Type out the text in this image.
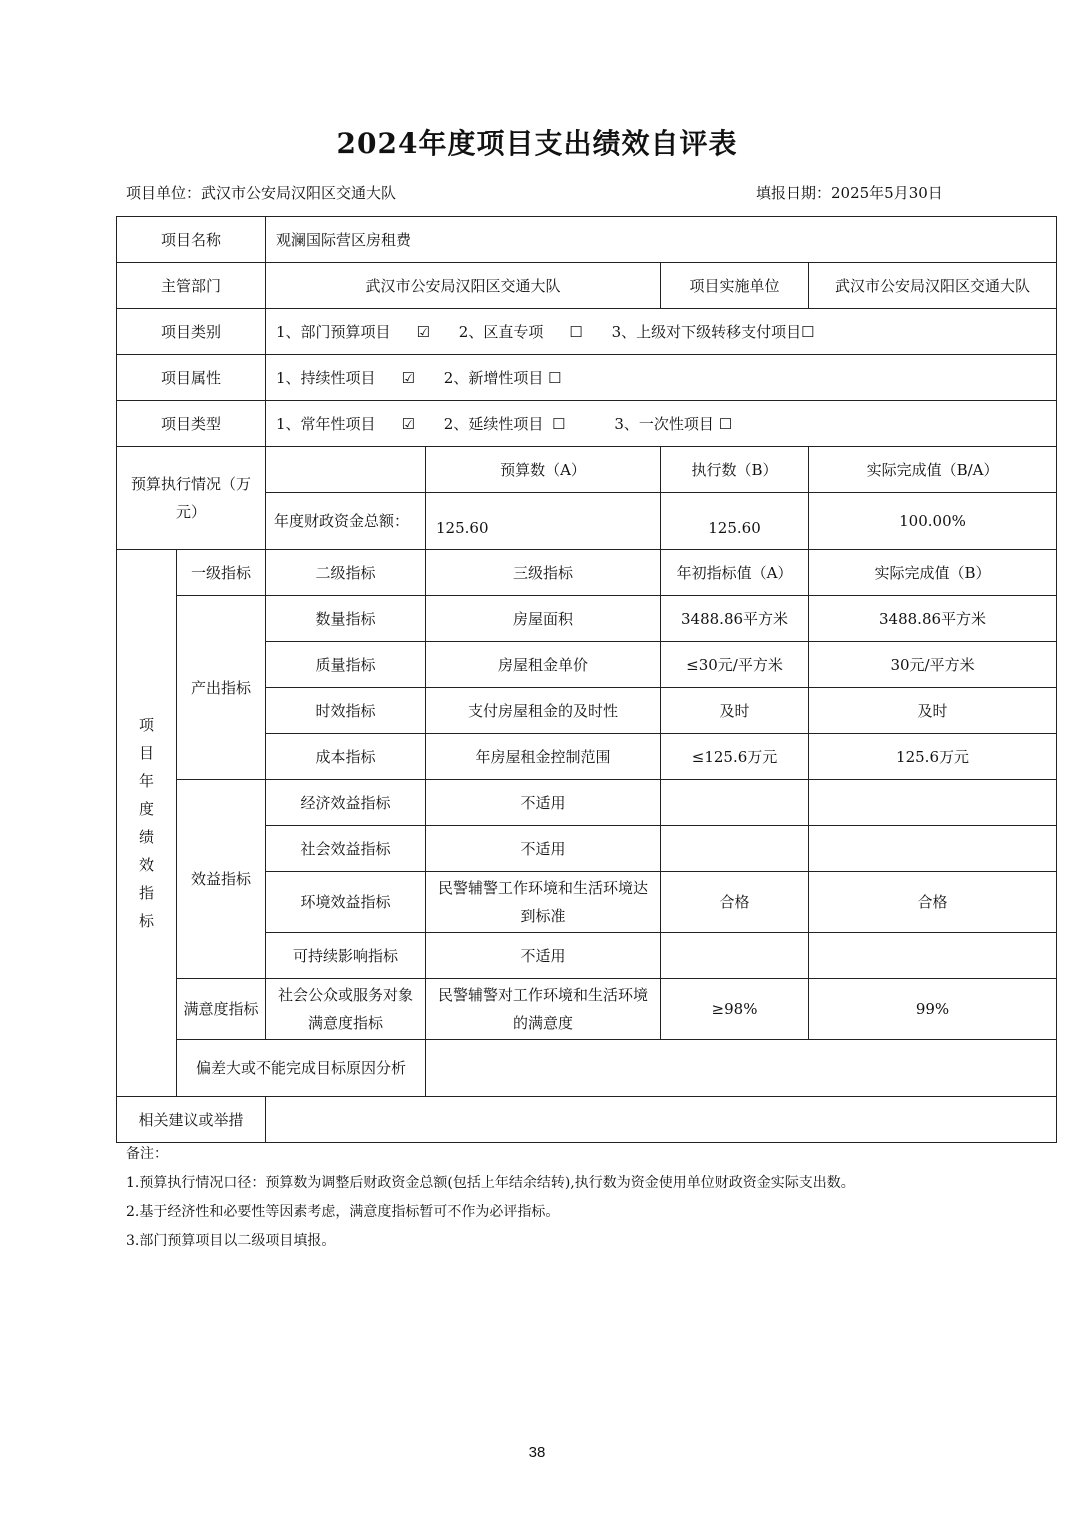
2024年度项目支出绩效自评表
项目单位：武汉市公安局汉阳区交通大队	填报日期：2025年5月30日
项目名称		观澜国际营区房租费			
主管部门		武汉市公安局汉阳区交通大队		项目实施单位	武汉市公安局汉阳区交通大队
项目类别		1、部门预算项目 ☑ 2、区直专项 ☐ 3、上级对下级转移支付项目☐			
项目属性		1、持续性项目 ☑ 2、新增性项目 ☐			
项目类型		1、常年性项目 ☑ 2、延续性项目 ☐ 3、一次性项目 ☐			
预算执行情况（万元）			预算数（A）	执行数（B）	实际完成值（B/A）
		年度财政资金总额：	125.60	125.60	100.00%

项目年度绩效指标	一级指标	二级指标	三级指标	年初指标值（A）	实际完成值（B）
	产出指标	数量指标	房屋面积	3488.86平方米	3488.86平方米
		质量指标	房屋租金单价	≤30元/平方米	30元/平方米
		时效指标	支付房屋租金的及时性	及时	及时
		成本指标	年房屋租金控制范围	≤125.6万元	125.6万元
	效益指标	经济效益指标	不适用		
		社会效益指标	不适用		
		环境效益指标	民警辅警工作环境和生活环境达到标准	合格	合格
		可持续影响指标	不适用		
	满意度指标	社会公众或服务对象满意度指标	民警辅警对工作环境和生活环境的满意度	≥98%	99%
	偏差大或不能完成目标原因分析				
相关建议或举措					
备注：
1.预算执行情况口径：预算数为调整后财政资金总额(包括上年结余结转),执行数为资金使用单位财政资金实际支出数。
2.基于经济性和必要性等因素考虑，满意度指标暂可不作为必评指标。
3.部门预算项目以二级项目填报。
38
